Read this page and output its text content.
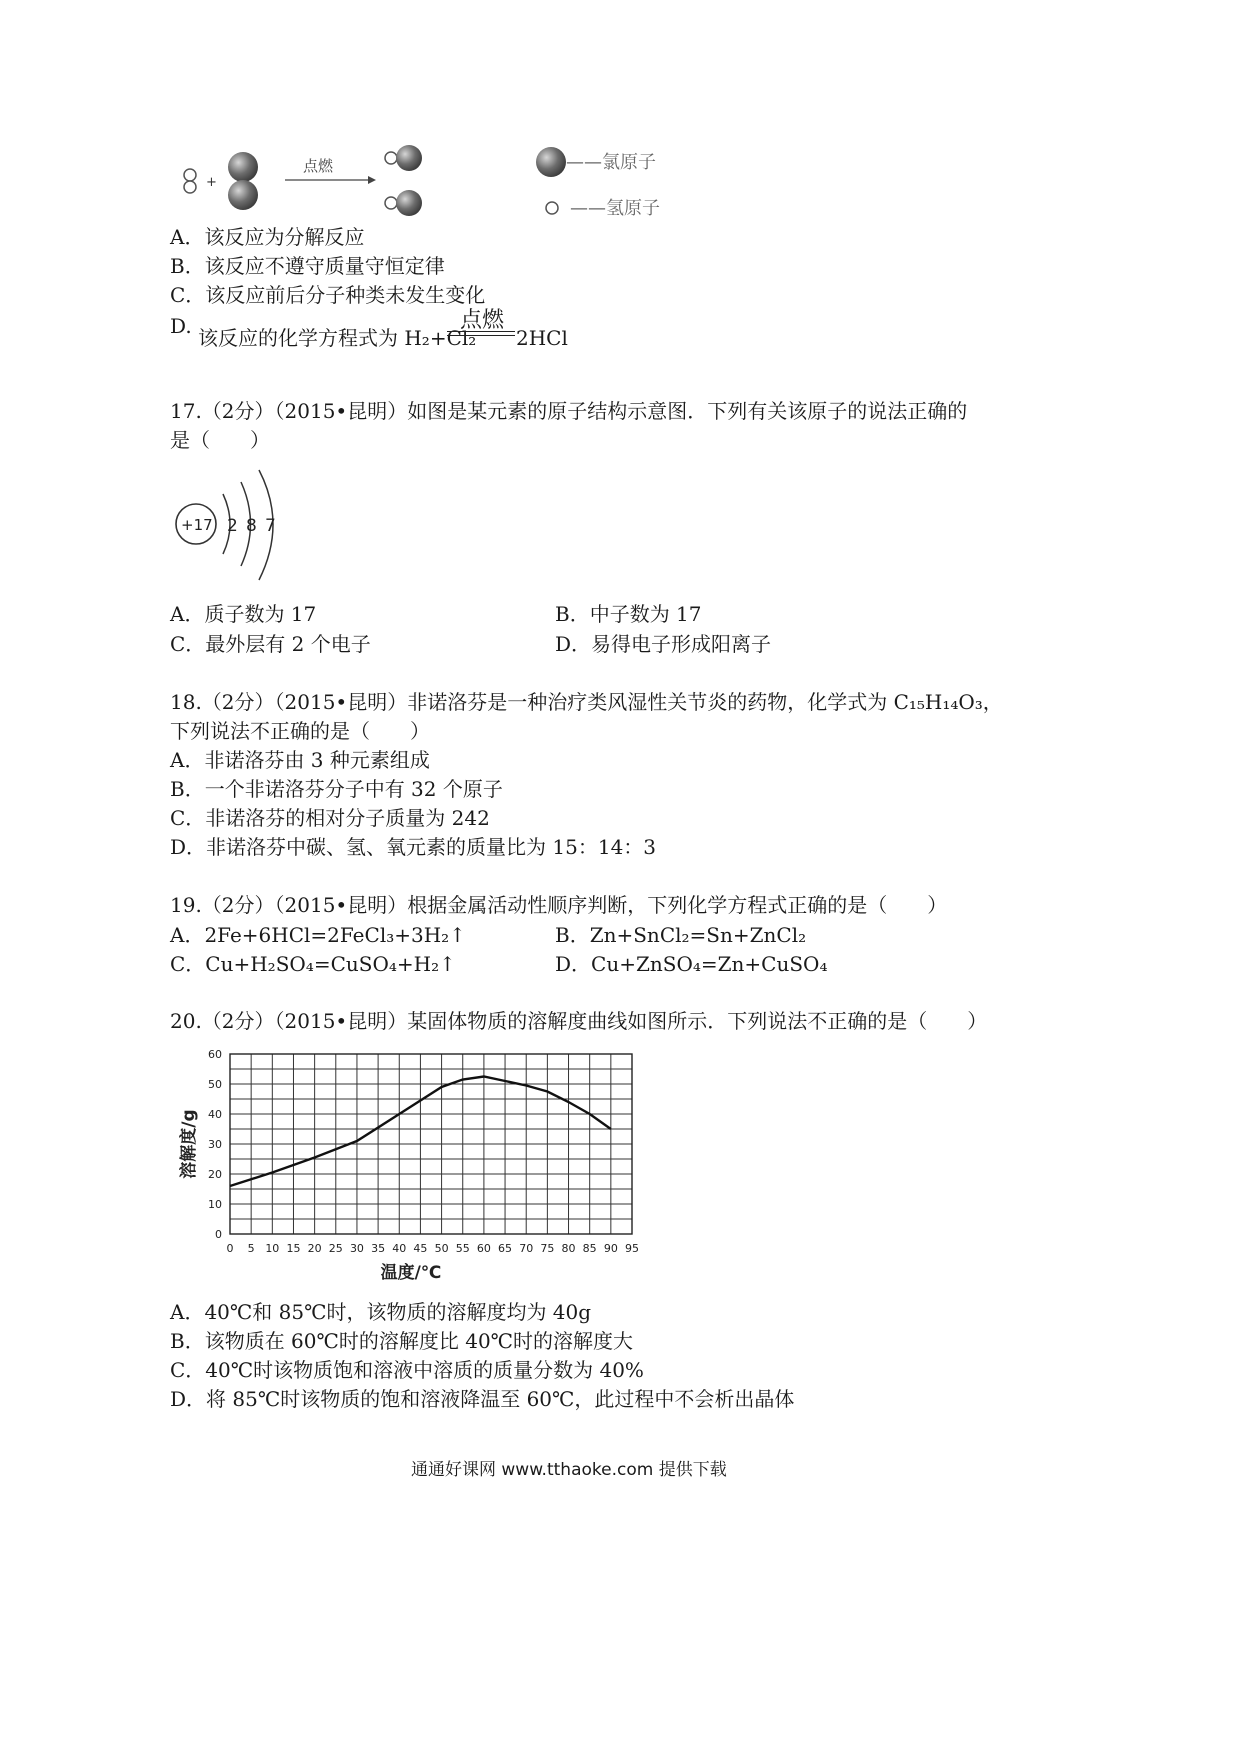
+
点燃	——氯原子
——氢原子
A．该反应为分解反应
B．该反应不遵守质量守恒定律
C．该反应前后分子种类未发生变化
D. 该反应的化学方程式为 H₂+Cl₂
点燃
2HCl
17.（2分）（2015•昆明）如图是某元素的原子结构示意图．下列有关该原子的说法正确的
是（　　）
+17 2 8 7
A．质子数为 17	B．中子数为 17
C．最外层有 2 个电子	D．易得电子形成阳离子
18.（2分）（2015•昆明）非诺洛芬是一种治疗类风湿性关节炎的药物，化学式为 C₁₅H₁₄O₃，
下列说法不正确的是（　　）
A．非诺洛芬由 3 种元素组成
B．一个非诺洛芬分子中有 32 个原子
C．非诺洛芬的相对分子质量为 242
D．非诺洛芬中碳、氢、氧元素的质量比为 15：14：3
19.（2分）（2015•昆明）根据金属活动性顺序判断，下列化学方程式正确的是（　　）
A．2Fe+6HCl=2FeCl₃+3H₂↑	B．Zn+SnCl₂=Sn+ZnCl₂
C．Cu+H₂SO₄=CuSO₄+H₂↑	D．Cu+ZnSO₄=Zn+CuSO₄
20.（2分）（2015•昆明）某固体物质的溶解度曲线如图所示．下列说法不正确的是（　　）
0 5 10 15 20 25 30 35 40 45 50 55 60 65 70 75 80 85 90 95
0
10
20
30
40
50
60
溶解度/g
温度/℃
A．40℃和 85℃时，该物质的溶解度均为 40g
B．该物质在 60℃时的溶解度比 40℃时的溶解度大
C．40℃时该物质饱和溶液中溶质的质量分数为 40%
D．将 85℃时该物质的饱和溶液降温至 60℃，此过程中不会析出晶体
通通好课网 www.tthaoke.com 提供下载
